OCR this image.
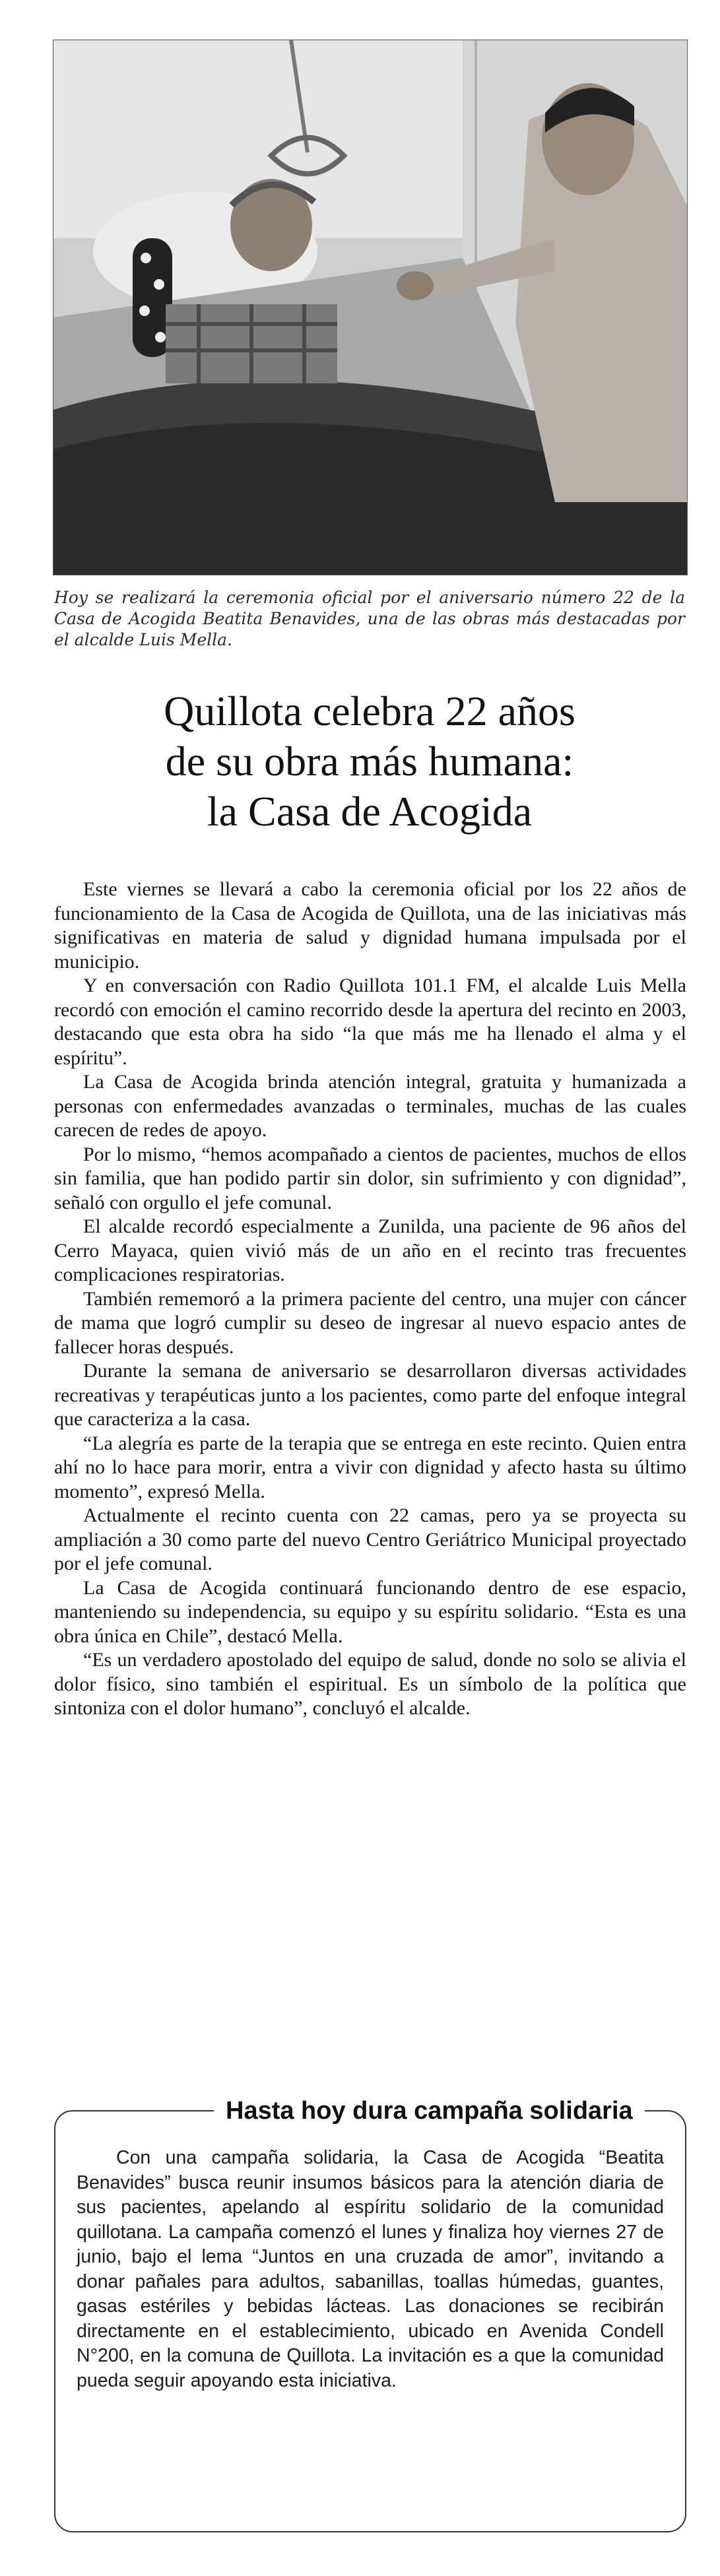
Hoy se realizará la ceremonia oficial por el aniversario número 22 de la Casa de Acogida Beatita Benavides, una de las obras más destacadas por el alcalde Luis Mella.
Quillota celebra 22 años
de su obra más humana:
la Casa de Acogida

Este viernes se llevará a cabo la ceremonia oficial por los 22 años de funcionamiento de la Casa de Acogida de Quillota, una de las iniciativas más significativas en materia de salud y dignidad humana impulsada por el municipio.

Y en conversación con Radio Quillota 101.1 FM, el alcalde Luis Mella recordó con emoción el camino recorrido desde la apertura del recinto en 2003, destacando que esta obra ha sido “la que más me ha llenado el alma y el espíritu”.

La Casa de Acogida brinda atención integral, gratuita y humanizada a personas con enfermedades avanzadas o terminales, muchas de las cuales carecen de redes de apoyo.

Por lo mismo, “hemos acompañado a cientos de pacientes, muchos de ellos sin familia, que han podido partir sin dolor, sin sufrimiento y con dignidad”, señaló con orgullo el jefe comunal.

El alcalde recordó especialmente a Zunilda, una paciente de 96 años del Cerro Mayaca, quien vivió más de un año en el recinto tras frecuentes complicaciones respiratorias.

También rememoró a la primera paciente del centro, una mujer con cáncer de mama que logró cumplir su deseo de ingresar al nuevo espacio antes de fallecer horas después.

Durante la semana de aniversario se desarrollaron diversas actividades recreativas y terapéuticas junto a los pacientes, como parte del enfoque integral que caracteriza a la casa.

“La alegría es parte de la terapia que se entrega en este recinto. Quien entra ahí no lo hace para morir, entra a vivir con dignidad y afecto hasta su último momento”, expresó Mella.

Actualmente el recinto cuenta con 22 camas, pero ya se proyecta su ampliación a 30 como parte del nuevo Centro Geriátrico Municipal proyectado por el jefe comunal.

La Casa de Acogida continuará funcionando dentro de ese espacio, manteniendo su independencia, su equipo y su espíritu solidario. “Esta es una obra única en Chile”, destacó Mella.

“Es un verdadero apostolado del equipo de salud, donde no solo se alivia el dolor físico, sino también el espiritual. Es un símbolo de la política que sintoniza con el dolor humano”, concluyó el alcalde.

Hasta hoy dura campaña solidaria

Con una campaña solidaria, la Casa de Acogida “Beatita Benavides” busca reunir insumos básicos para la atención diaria de sus pacientes, apelando al espíritu solidario de la comunidad quillotana. La campaña comenzó el lunes y finaliza hoy viernes 27 de junio, bajo el lema “Juntos en una cruzada de amor”, invitando a donar pañales para adultos, sabanillas, toallas húmedas, guantes, gasas estériles y bebidas lácteas. Las donaciones se recibirán directamente en el establecimiento, ubicado en Avenida Condell N°200, en la comuna de Quillota. La invitación es a que la comunidad pueda seguir apoyando esta iniciativa.
